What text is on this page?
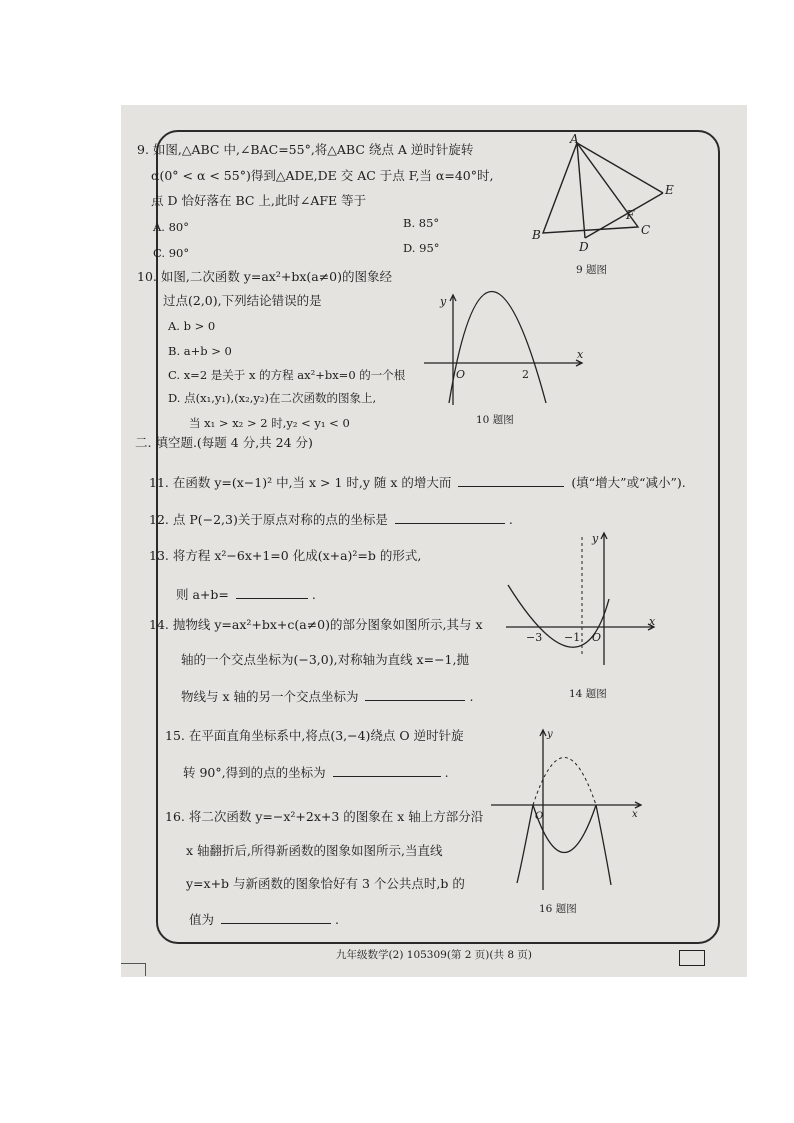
9. 如图,△ABC 中,∠BAC=55°,将△ABC 绕点 A 逆时针旋转
α(0° < α < 55°)得到△ADE,DE 交 AC 于点 F,当 α=40°时,
点 D 恰好落在 BC 上,此时∠AFE 等于
A. 80°	B. 85°
C. 90°	D. 95°
A
E
F
B
D
C
9 题图
10. 如图,二次函数 y=ax²+bx(a≠0)的图象经
过点(2,0),下列结论错误的是
A. b > 0
B. a+b > 0
C. x=2 是关于 x 的方程 ax²+bx=0 的一个根
D. 点(x₁,y₁),(x₂,y₂)在二次函数的图象上,
当 x₁ > x₂ > 2 时,y₂ < y₁ < 0
y
O	2
x
10 题图
二. 填空题.(每题 4 分,共 24 分)
11. 在函数 y=(x−1)² 中,当 x > 1 时,y 随 x 的增大而	(填“增大”或“减小”).
12. 点 P(−2,3)关于原点对称的点的坐标是	.
13. 将方程 x²−6x+1=0 化成(x+a)²=b 的形式,
则 a+b=	.
y
−3 −1 O
x
14 题图
14. 抛物线 y=ax²+bx+c(a≠0)的部分图象如图所示,其与 x
轴的一个交点坐标为(−3,0),对称轴为直线 x=−1,抛
物线与 x 轴的另一个交点坐标为	.
15. 在平面直角坐标系中,将点(3,−4)绕点 O 逆时针旋
转 90°,得到的点的坐标为	.
16. 将二次函数 y=−x²+2x+3 的图象在 x 轴上方部分沿
x 轴翻折后,所得新函数的图象如图所示,当直线
y=x+b 与新函数的图象恰好有 3 个公共点时,b 的
值为	.
y
O	x
16 题图
九年级数学(2) 105309(第 2 页)(共 8 页)
